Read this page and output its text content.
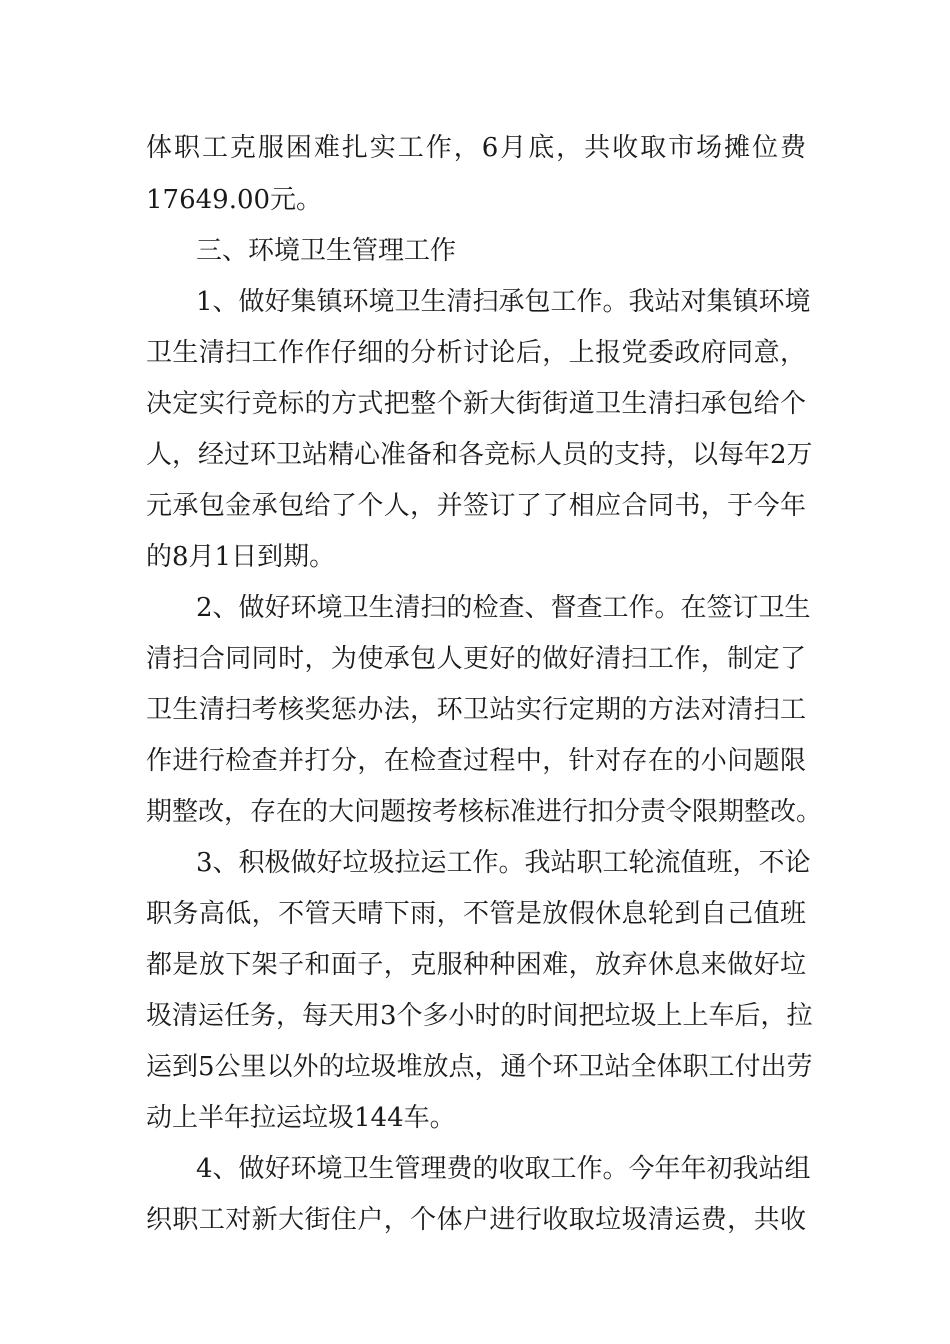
体职工克服困难扎实工作，6月底，共收取市场摊位费
17649.00元。
三、环境卫生管理工作
1、做好集镇环境卫生清扫承包工作。我站对集镇环境
卫生清扫工作作仔细的分析讨论后，上报党委政府同意，
决定实行竞标的方式把整个新大街街道卫生清扫承包给个
人，经过环卫站精心准备和各竞标人员的支持，以每年2万
元承包金承包给了个人，并签订了了相应合同书，于今年
的8月1日到期。
2、做好环境卫生清扫的检查、督查工作。在签订卫生
清扫合同同时，为使承包人更好的做好清扫工作，制定了
卫生清扫考核奖惩办法，环卫站实行定期的方法对清扫工
作进行检查并打分，在检查过程中，针对存在的小问题限
期整改，存在的大问题按考核标准进行扣分责令限期整改。
3、积极做好垃圾拉运工作。我站职工轮流值班，不论
职务高低，不管天晴下雨，不管是放假休息轮到自己值班
都是放下架子和面子，克服种种困难，放弃休息来做好垃
圾清运任务，每天用3个多小时的时间把垃圾上上车后，拉
运到5公里以外的垃圾堆放点，通个环卫站全体职工付出劳
动上半年拉运垃圾144车。
4、做好环境卫生管理费的收取工作。今年年初我站组
织职工对新大街住户，个体户进行收取垃圾清运费，共收
